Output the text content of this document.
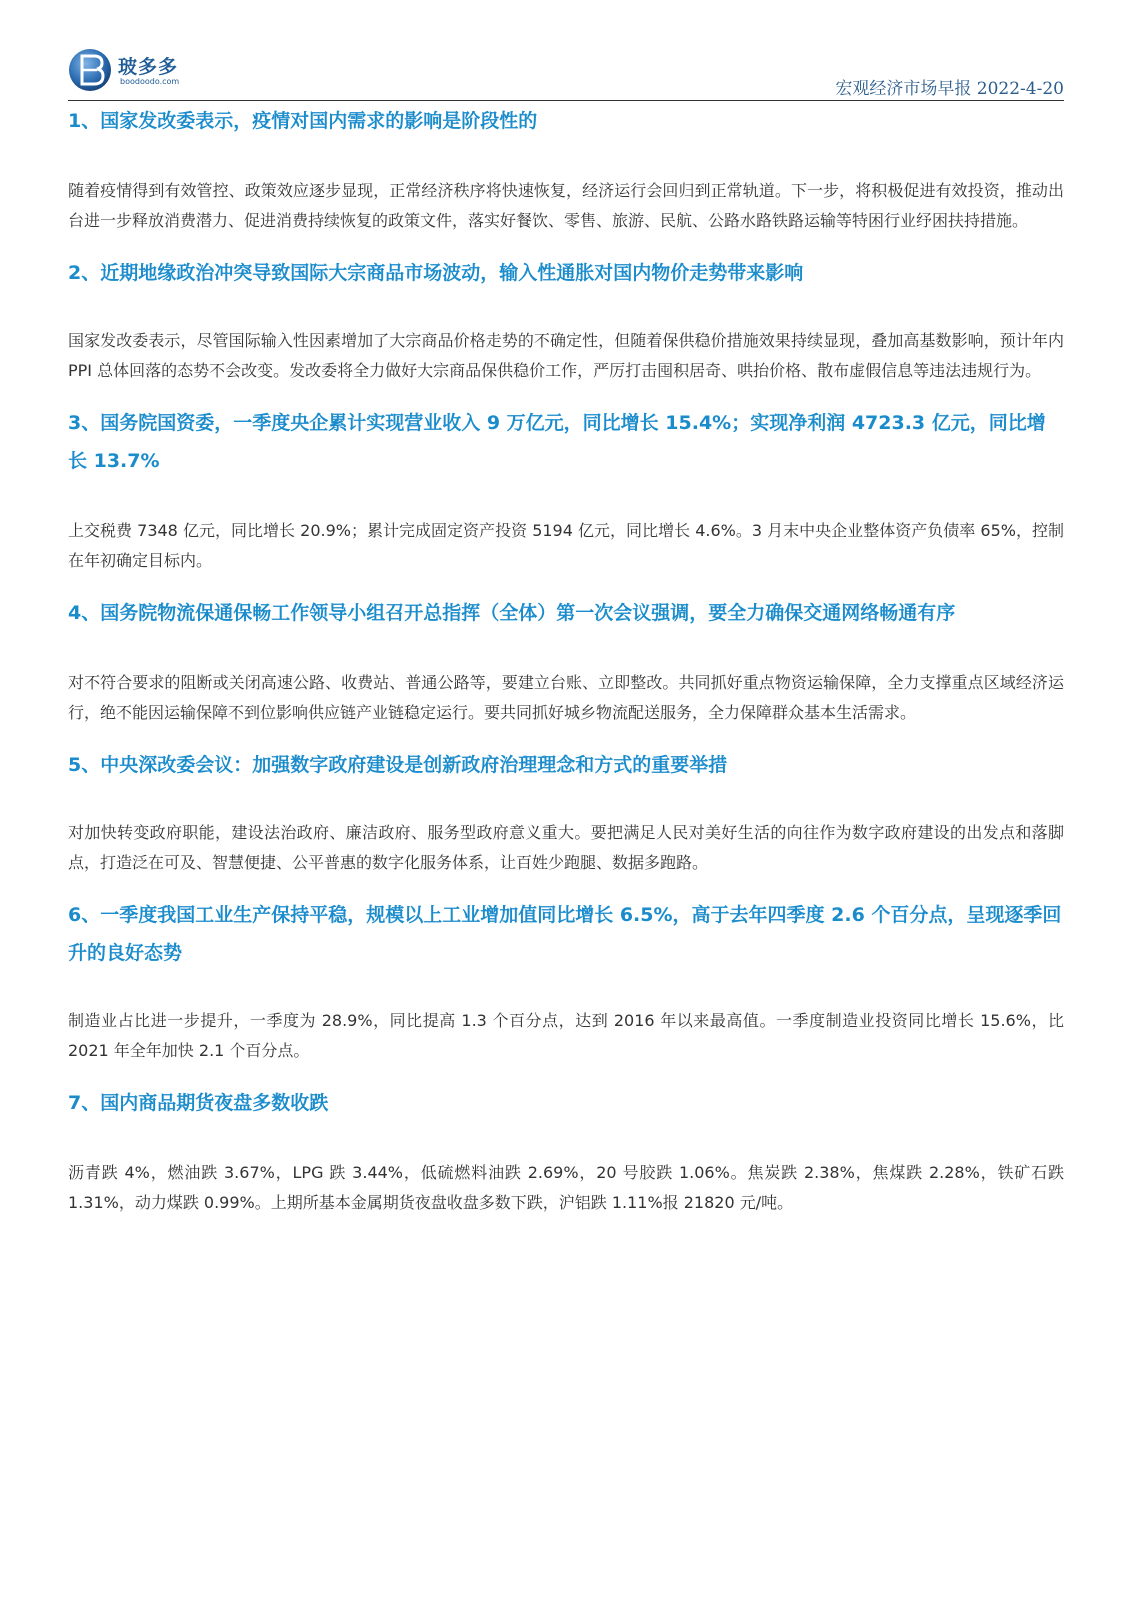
玻多多
boodoodo.com	宏观经济市场早报 2022-4-20

1、国家发改委表示，疫情对国内需求的影响是阶段性的

随着疫情得到有效管控、政策效应逐步显现，正常经济秩序将快速恢复，经济运行会回归到正常轨道。下一步，将积极促进有效投资，推动出台进一步释放消费潜力、促进消费持续恢复的政策文件，落实好餐饮、零售、旅游、民航、公路水路铁路运输等特困行业纾困扶持措施。

2、近期地缘政治冲突导致国际大宗商品市场波动，输入性通胀对国内物价走势带来影响

国家发改委表示，尽管国际输入性因素增加了大宗商品价格走势的不确定性，但随着保供稳价措施效果持续显现，叠加高基数影响，预计年内 PPI 总体回落的态势不会改变。发改委将全力做好大宗商品保供稳价工作，严厉打击囤积居奇、哄抬价格、散布虚假信息等违法违规行为。

3、国务院国资委，一季度央企累计实现营业收入 9 万亿元，同比增长 15.4%；实现净利润 4723.3 亿元，同比增长 13.7%

上交税费 7348 亿元，同比增长 20.9%；累计完成固定资产投资 5194 亿元，同比增长 4.6%。3 月末中央企业整体资产负债率 65%，控制在年初确定目标内。

4、国务院物流保通保畅工作领导小组召开总指挥（全体）第一次会议强调，要全力确保交通网络畅通有序

对不符合要求的阻断或关闭高速公路、收费站、普通公路等，要建立台账、立即整改。共同抓好重点物资运输保障，全力支撑重点区域经济运行，绝不能因运输保障不到位影响供应链产业链稳定运行。要共同抓好城乡物流配送服务，全力保障群众基本生活需求。

5、中央深改委会议：加强数字政府建设是创新政府治理理念和方式的重要举措

对加快转变政府职能，建设法治政府、廉洁政府、服务型政府意义重大。要把满足人民对美好生活的向往作为数字政府建设的出发点和落脚点，打造泛在可及、智慧便捷、公平普惠的数字化服务体系，让百姓少跑腿、数据多跑路。

6、一季度我国工业生产保持平稳，规模以上工业增加值同比增长 6.5%，高于去年四季度 2.6 个百分点，呈现逐季回升的良好态势

制造业占比进一步提升，一季度为 28.9%，同比提高 1.3 个百分点，达到 2016 年以来最高值。一季度制造业投资同比增长 15.6%，比 2021 年全年加快 2.1 个百分点。

7、国内商品期货夜盘多数收跌

沥青跌 4%，燃油跌 3.67%，LPG 跌 3.44%，低硫燃料油跌 2.69%，20 号胶跌 1.06%。焦炭跌 2.38%，焦煤跌 2.28%，铁矿石跌 1.31%，动力煤跌 0.99%。上期所基本金属期货夜盘收盘多数下跌，沪铝跌 1.11%报 21820 元/吨。
